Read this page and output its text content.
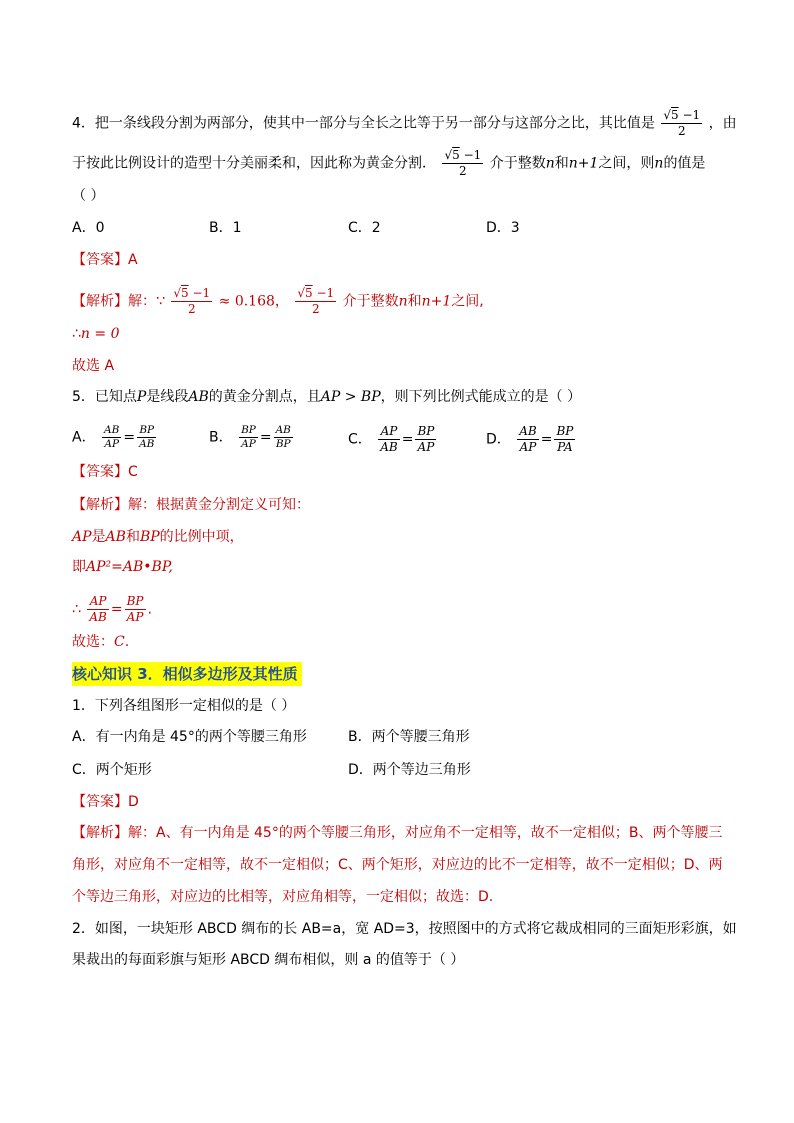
4．把一条线段分割为两部分，使其中一部分与全长之比等于另一部分与这部分之比，其比值是 $\frac{√5 -1}{2}$ ，由
于按此比例设计的造型十分美丽柔和，因此称为黄金分割． $\frac{√5 -1}{2}$ 介于整数n和n+1之间，则n的值是
（ ）
A．0	B．1	C．2	D．3
【答案】A
【解析】解：∵ $\frac{√5 -1}{2} \approx 0.168$， $\frac{√5 -1}{2}$ 介于整数n和n+1之间,
∴n = 0
故选 A
5．已知点P是线段AB的黄金分割点，且AP > BP，则下列比例式能成立的是（ ）
A． $\frac{AB}{AP} = \frac{BP}{AB}$	B． $\frac{BP}{AP} = \frac{AB}{BP}$	C． $\frac{AP}{AB} = \frac{BP}{AP}$	D． $\frac{AB}{AP} = \frac{BP}{PA}$
【答案】C
【解析】解：根据黄金分割定义可知：
AP是AB和BP的比例中项，
即AP²=AB•BP,
∴ $\frac{AP}{AB} = \frac{BP}{AP}$ .
故选：C.
核心知识 3．相似多边形及其性质
1．下列各组图形一定相似的是（ ）
A．有一内角是 45°的两个等腰三角形	B．两个等腰三角形
C．两个矩形	D．两个等边三角形
【答案】D
【解析】解：A、有一内角是 45°的两个等腰三角形，对应角不一定相等，故不一定相似；B、两个等腰三
角形，对应角不一定相等，故不一定相似；C、两个矩形，对应边的比不一定相等，故不一定相似；D、两
个等边三角形，对应边的比相等，对应角相等，一定相似；故选：D.
2．如图，一块矩形 ABCD 绸布的长 AB=a，宽 AD=3，按照图中的方式将它裁成相同的三面矩形彩旗，如
果裁出的每面彩旗与矩形 ABCD 绸布相似，则 a 的值等于（ ）
